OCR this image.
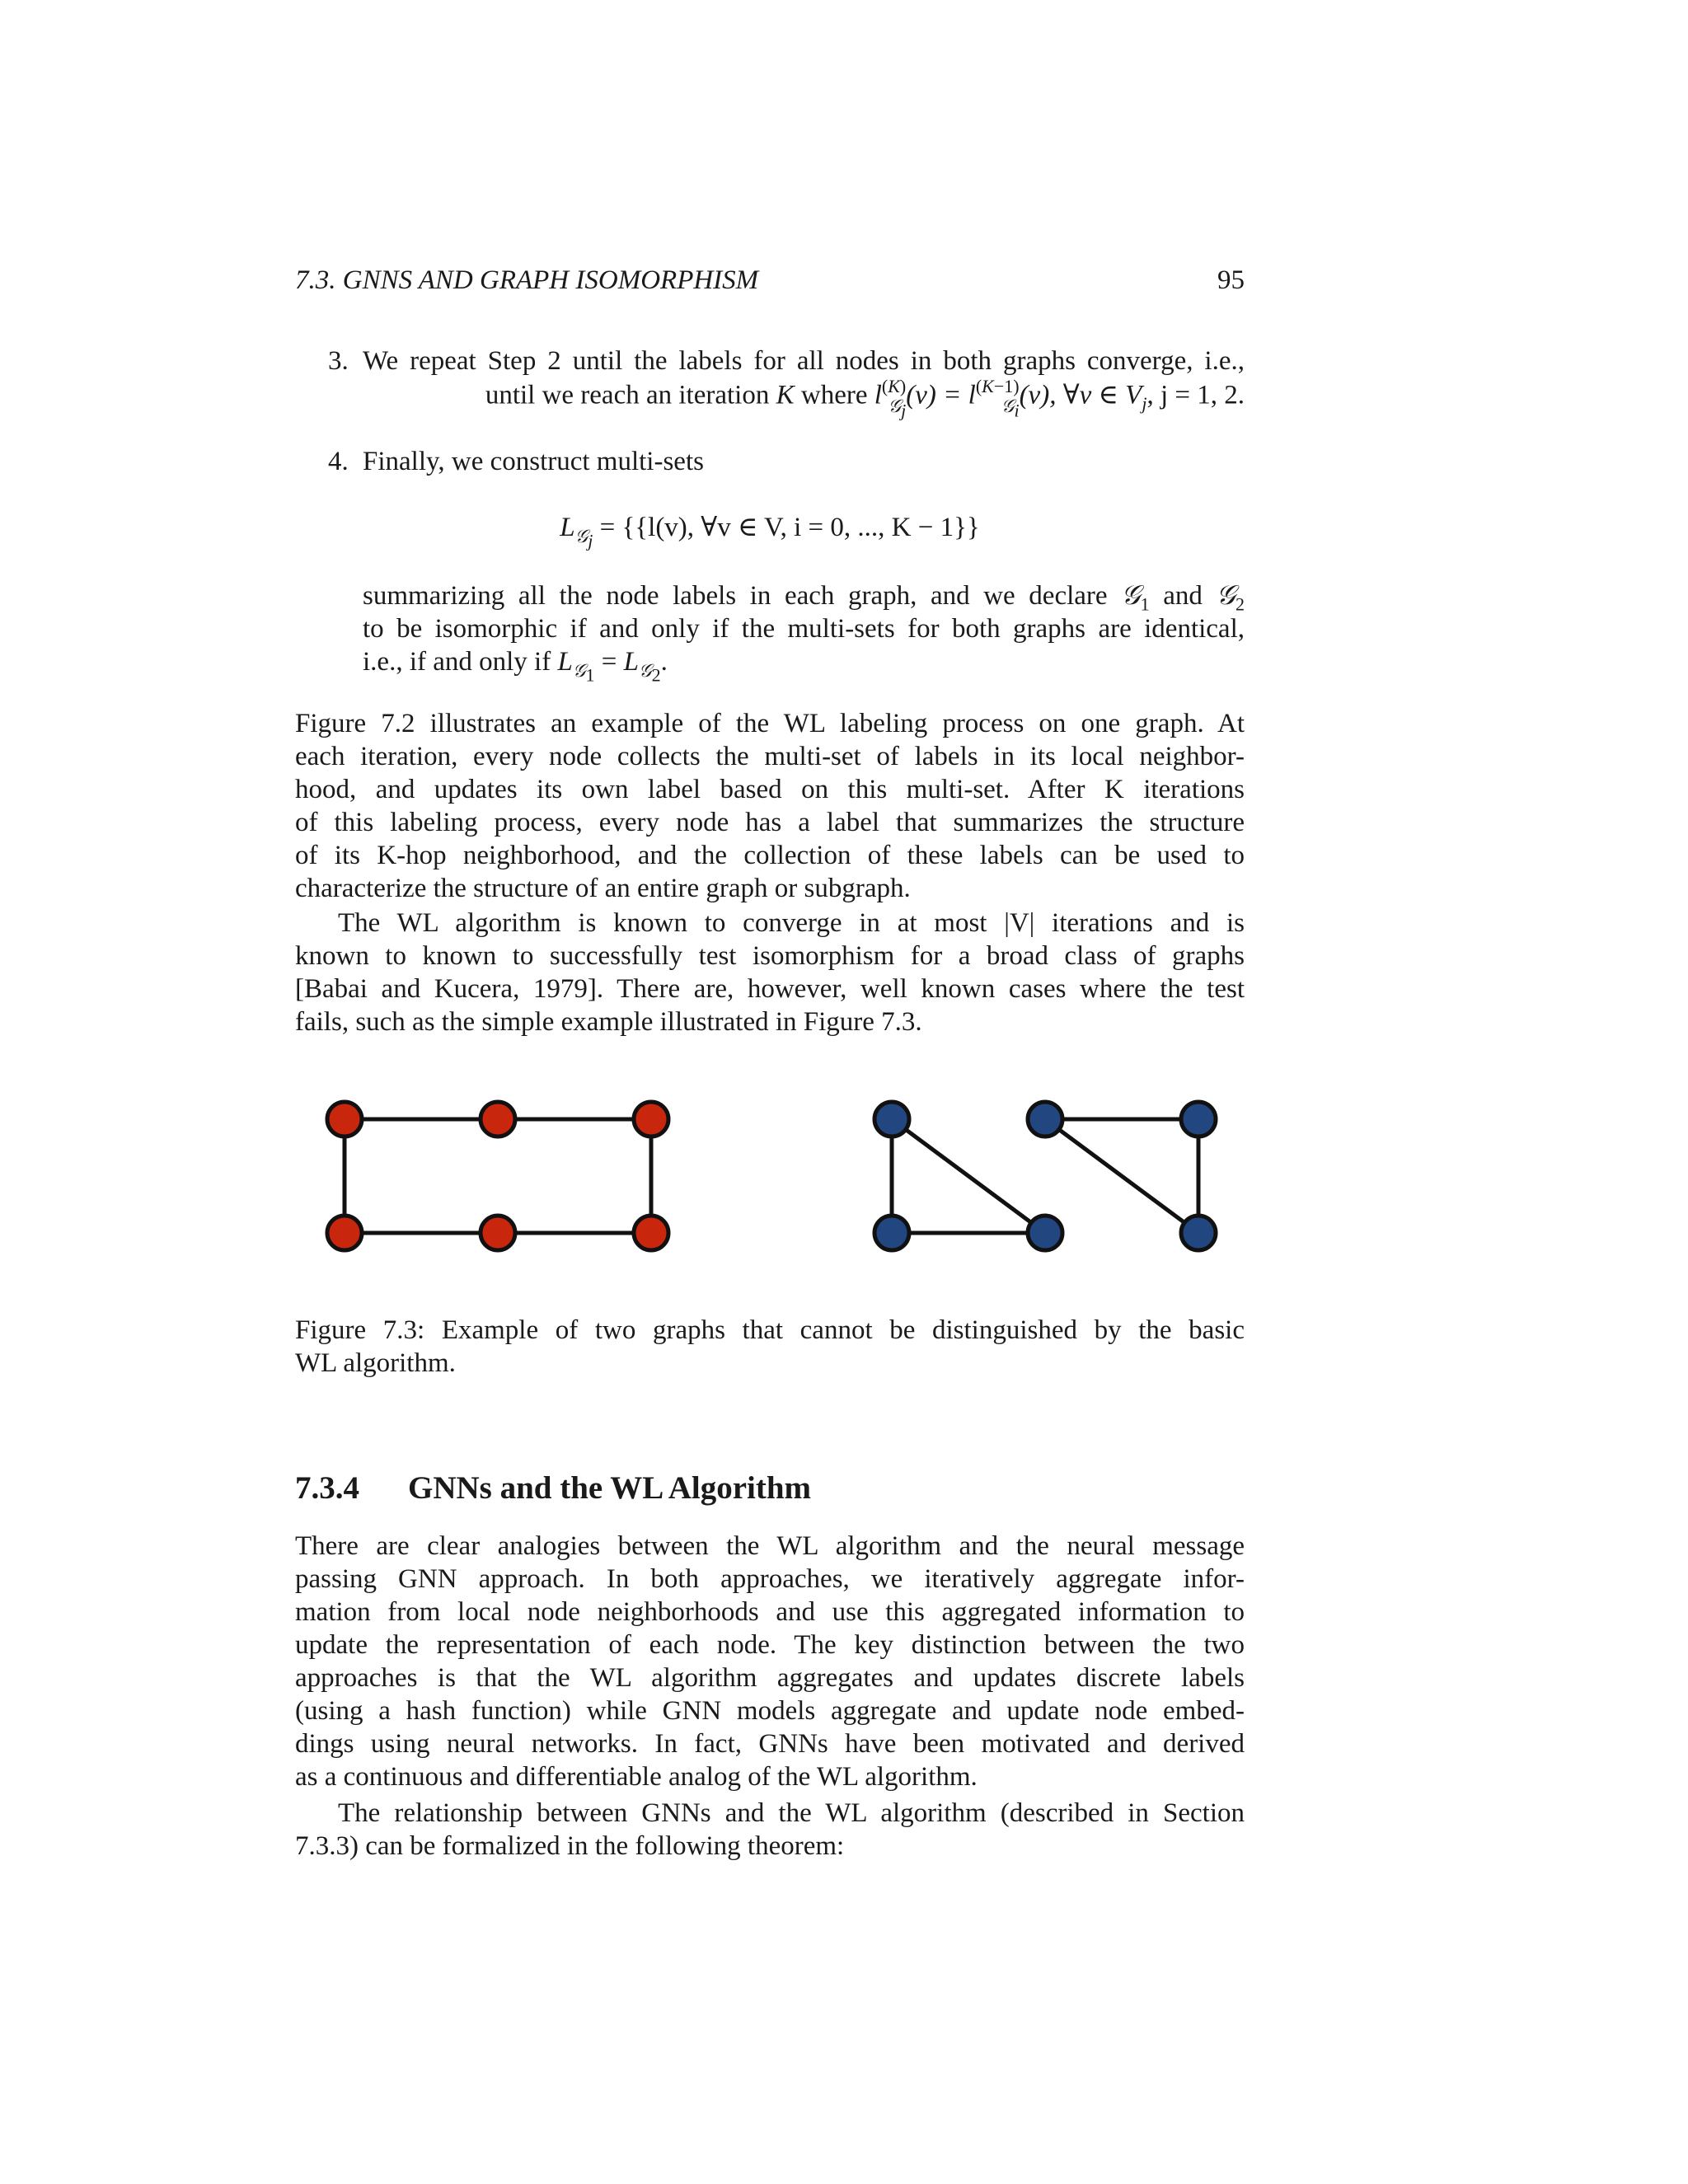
7.3. GNNS AND GRAPH ISOMORPHISM	95
3. We repeat Step 2 until the labels for all nodes in both graphs converge, i.e.,
until we reach an iteration K where l (K)
𝒢$_j$
(v) = l (K−1)
𝒢$_i$
(v), ∀v ∈ $V_j$, j = 1, 2.
4. Finally, we construct multi-sets
$L_{𝒢_j} = \{\{l(v)$, ∀v ∈ V, i = 0, ..., K − 1}}
summarizing all the node labels in each graph, and we declare 𝒢$_1$ and 𝒢$_2$
to be isomorphic if and only if the multi-sets for both graphs are identical,
i.e., if and only if $L_{𝒢_1} = L_{𝒢_2}$.
Figure 7.2 illustrates an example of the WL labeling process on one graph. At
each iteration, every node collects the multi-set of labels in its local neighbor-
hood, and updates its own label based on this multi-set. After K iterations
of this labeling process, every node has a label that summarizes the structure
of its K-hop neighborhood, and the collection of these labels can be used to
characterize the structure of an entire graph or subgraph.
The WL algorithm is known to converge in at most |V| iterations and is
known to known to successfully test isomorphism for a broad class of graphs
[Babai and Kucera, 1979]. There are, however, well known cases where the test
fails, such as the simple example illustrated in Figure 7.3.
Figure 7.3: Example of two graphs that cannot be distinguished by the basic
WL algorithm.
7.3.4 GNNs and the WL Algorithm
There are clear analogies between the WL algorithm and the neural message
passing GNN approach. In both approaches, we iteratively aggregate infor-
mation from local node neighborhoods and use this aggregated information to
update the representation of each node. The key distinction between the two
approaches is that the WL algorithm aggregates and updates discrete labels
(using a hash function) while GNN models aggregate and update node embed-
dings using neural networks. In fact, GNNs have been motivated and derived
as a continuous and differentiable analog of the WL algorithm.
The relationship between GNNs and the WL algorithm (described in Section
7.3.3) can be formalized in the following theorem:
